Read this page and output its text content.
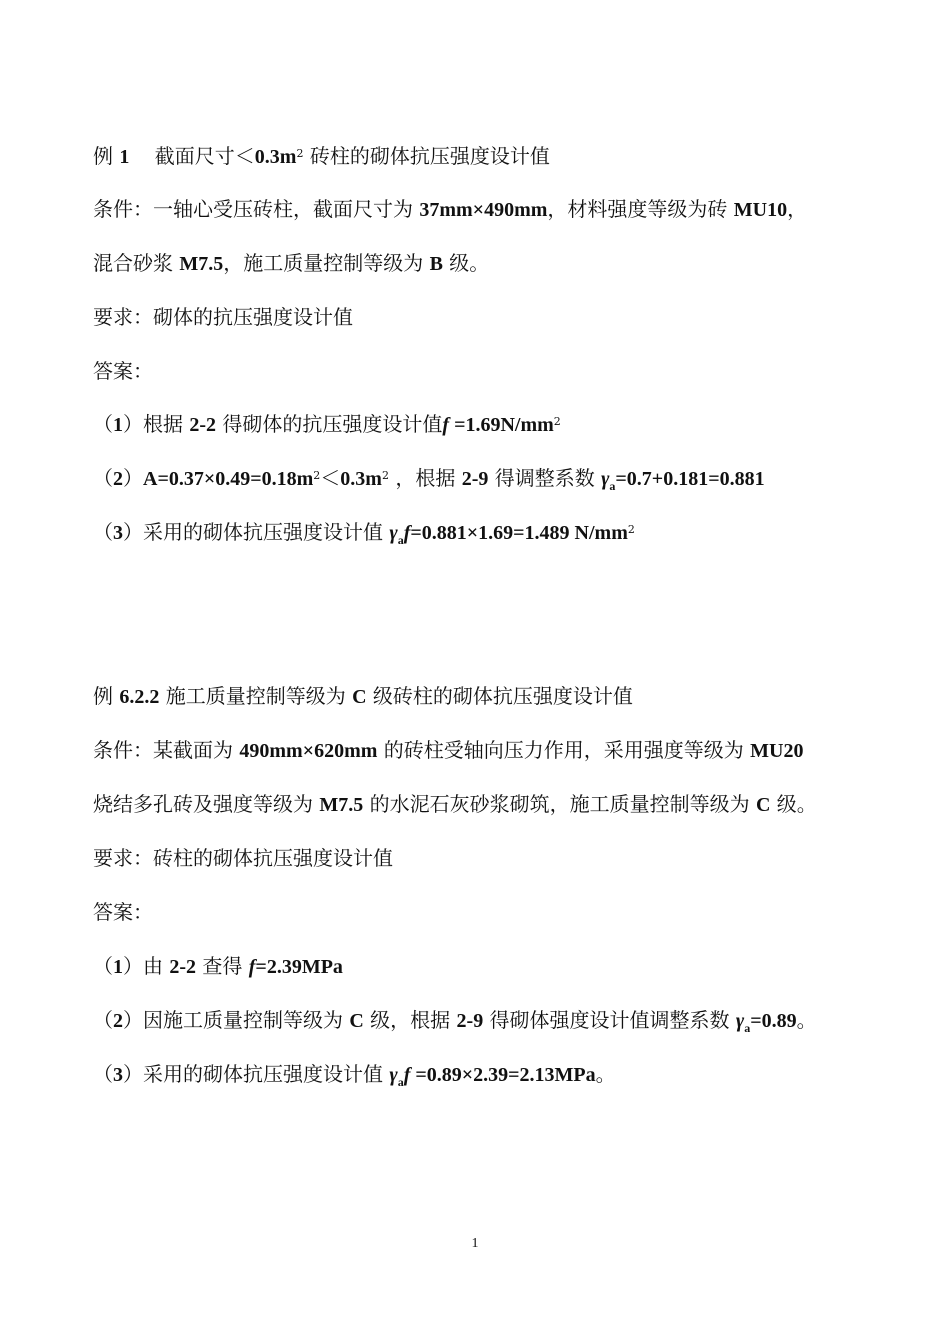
例 1 截面尺寸$<0.3m^2$ 砖柱的砌体抗压强度设计值
条件：一轴心受压砖柱，截面尺寸为 37mm×490mm，材料强度等级为砖 MU10，
混合砂浆 M7.5，施工质量控制等级为 B 级。
要求：砌体的抗压强度设计值
答案：
（1）根据 2-2 得砌体的抗压强度设计值$f =1.69N/mm^2$
$(2)A=0.37\times 0.49=0.18m^2<0.3m^2$ ，根据 2-9 得调整系数 $\gamma_a=0.7+0.181=0.881$
（3）采用的砌体抗压强度设计值 $\gamma_af=0.881\times 1.69=1.489$ $N/mm^2$
例 6.2.2 施工质量控制等级为 C 级砖柱的砌体抗压强度设计值
条件：某截面为 490mm×620mm 的砖柱受轴向压力作用，采用强度等级为 MU20
烧结多孔砖及强度等级为 M7.5 的水泥石灰砂浆砌筑，施工质量控制等级为 C 级。
要求：砖柱的砌体抗压强度设计值
答案：
（1）由 2-2 查得 f=2.39MPa
（2）因施工质量控制等级为 C 级，根据 2-9 得砌体强度设计值调整系数 $\gamma_a=0.89$。
（3）采用的砌体抗压强度设计值 $\gamma_af =0.89\times 2.39=2.13MPa$。
1
